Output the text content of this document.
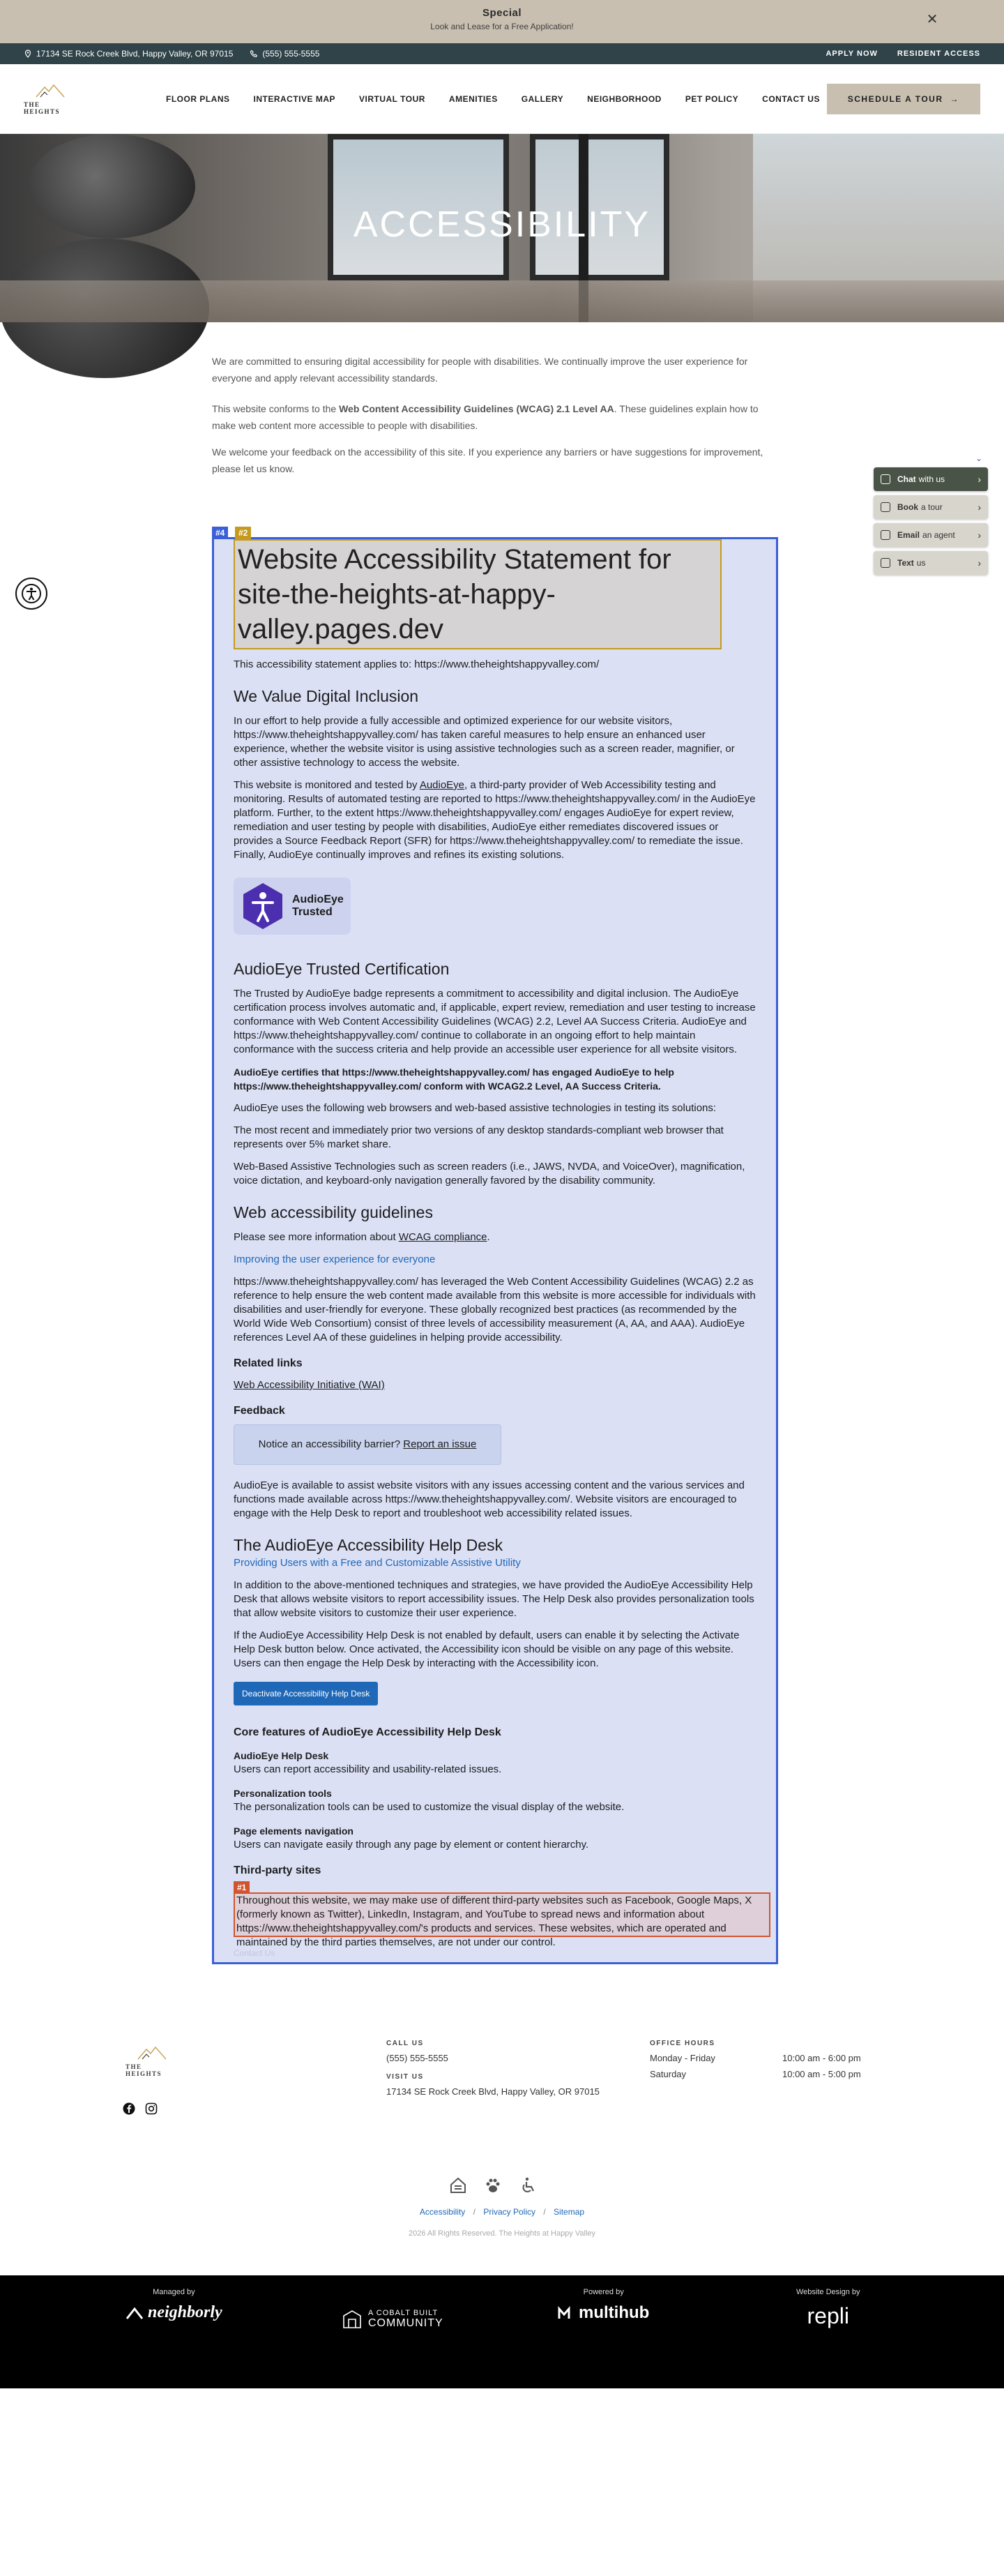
Special
Look and Lease for a Free Application!	✕
17134 SE Rock Creek Blvd, Happy Valley, OR 97015	(555) 555-5555	APPLY NOW	RESIDENT ACCESS
THE HEIGHTS
FLOOR PLANS	INTERACTIVE MAP	VIRTUAL TOUR	AMENITIES	GALLERY	NEIGHBORHOOD	PET POLICY	CONTACT US	SCHEDULE A TOUR →
ACCESSIBILITY

We are committed to ensuring digital accessibility for people with disabilities. We continually improve the user experience for everyone and apply relevant accessibility standards.

This website conforms to the Web Content Accessibility Guidelines (WCAG) 2.1 Level AA. These guidelines explain how to make web content more accessible to people with disabilities.

We welcome your feedback on the accessibility of this site. If you experience any barriers or have suggestions for improvement, please let us know.

⌄
Chat with us	›
Book a tour	›
Email an agent ›
Text us	›
#4	#2
Website Accessibility Statement for site-the-heights-at-happy-valley.pages.dev

This accessibility statement applies to: https://www.theheightshappyvalley.com/

We Value Digital Inclusion

In our effort to help provide a fully accessible and optimized experience for our website visitors, https://www.theheightshappyvalley.com/ has taken careful measures to help ensure an enhanced user experience, whether the website visitor is using assistive technologies such as a screen reader, magnifier, or other assistive technology to access the website.

This website is monitored and tested by AudioEye, a third-party provider of Web Accessibility testing and monitoring. Results of automated testing are reported to https://www.theheightshappyvalley.com/ in the AudioEye platform. Further, to the extent https://www.theheightshappyvalley.com/ engages AudioEye for expert review, remediation and user testing by people with disabilities, AudioEye either remediates discovered issues or provides a Source Feedback Report (SFR) for https://www.theheightshappyvalley.com/ to remediate the issue. Finally, AudioEye continually improves and refines its existing solutions.

AudioEye
Trusted
AudioEye Trusted Certification

The Trusted by AudioEye badge represents a commitment to accessibility and digital inclusion. The AudioEye certification process involves automatic and, if applicable, expert review, remediation and user testing to increase conformance with Web Content Accessibility Guidelines (WCAG) 2.2, Level AA Success Criteria. AudioEye and https://www.theheightshappyvalley.com/ continue to collaborate in an ongoing effort to help maintain conformance with the success criteria and help provide an accessible user experience for all website visitors.

AudioEye certifies that https://www.theheightshappyvalley.com/ has engaged AudioEye to help https://www.theheightshappyvalley.com/ conform with WCAG2.2 Level, AA Success Criteria.

AudioEye uses the following web browsers and web-based assistive technologies in testing its solutions:

The most recent and immediately prior two versions of any desktop standards-compliant web browser that represents over 5% market share.

Web-Based Assistive Technologies such as screen readers (i.e., JAWS, NVDA, and VoiceOver), magnification, voice dictation, and keyboard-only navigation generally favored by the disability community.

Web accessibility guidelines

Please see more information about WCAG compliance.

Improving the user experience for everyone

https://www.theheightshappyvalley.com/ has leveraged the Web Content Accessibility Guidelines (WCAG) 2.2 as reference to help ensure the web content made available from this website is more accessible for individuals with disabilities and user-friendly for everyone. These globally recognized best practices (as recommended by the World Wide Web Consortium) consist of three levels of accessibility measurement (A, AA, and AAA). AudioEye references Level AA of these guidelines in helping provide accessibility.

Related links

Web Accessibility Initiative (WAI)

Feedback
Notice an accessibility barrier? Report an issue

AudioEye is available to assist website visitors with any issues accessing content and the various services and functions made available across https://www.theheightshappyvalley.com/. Website visitors are encouraged to engage with the Help Desk to report and troubleshoot web accessibility related issues.

The AudioEye Accessibility Help Desk

Providing Users with a Free and Customizable Assistive Utility

In addition to the above-mentioned techniques and strategies, we have provided the AudioEye Accessibility Help Desk that allows website visitors to report accessibility issues. The Help Desk also provides personalization tools that allow website visitors to customize their user experience.

If the AudioEye Accessibility Help Desk is not enabled by default, users can enable it by selecting the Activate Help Desk button below. Once activated, the Accessibility icon should be visible on any page of this website. Users can then engage the Help Desk by interacting with the Accessibility icon.

Deactivate Accessibility Help Desk
Core features of AudioEye Accessibility Help Desk
AudioEye Help Desk

Users can report accessibility and usability-related issues.

Personalization tools

The personalization tools can be used to customize the visual display of the website.

Page elements navigation

Users can navigate easily through any page by element or content hierarchy.

Third-party sites
#1

Throughout this website, we may make use of different third-party websites such as Facebook, Google Maps, X (formerly known as Twitter), LinkedIn, Instagram, and YouTube to spread news and information about https://www.theheightshappyvalley.com/'s products and services. These websites, which are operated and maintained by the third parties themselves, are not under our control.

Contact Us
THE HEIGHTS
CALL US
(555) 555-5555
VISIT US
17134 SE Rock Creek Blvd, Happy Valley, OR 97015
OFFICE HOURS
Monday - Friday	10:00 am - 6:00 pm
Saturday	10:00 am - 5:00 pm
Accessibility / Privacy Policy / Sitemap
2026 All Rights Reserved. The Heights at Happy Valley
Managed by
neighborly	A COBALT BUILT
COMMUNITY
Powered by
multihub
Website Design by
repli
